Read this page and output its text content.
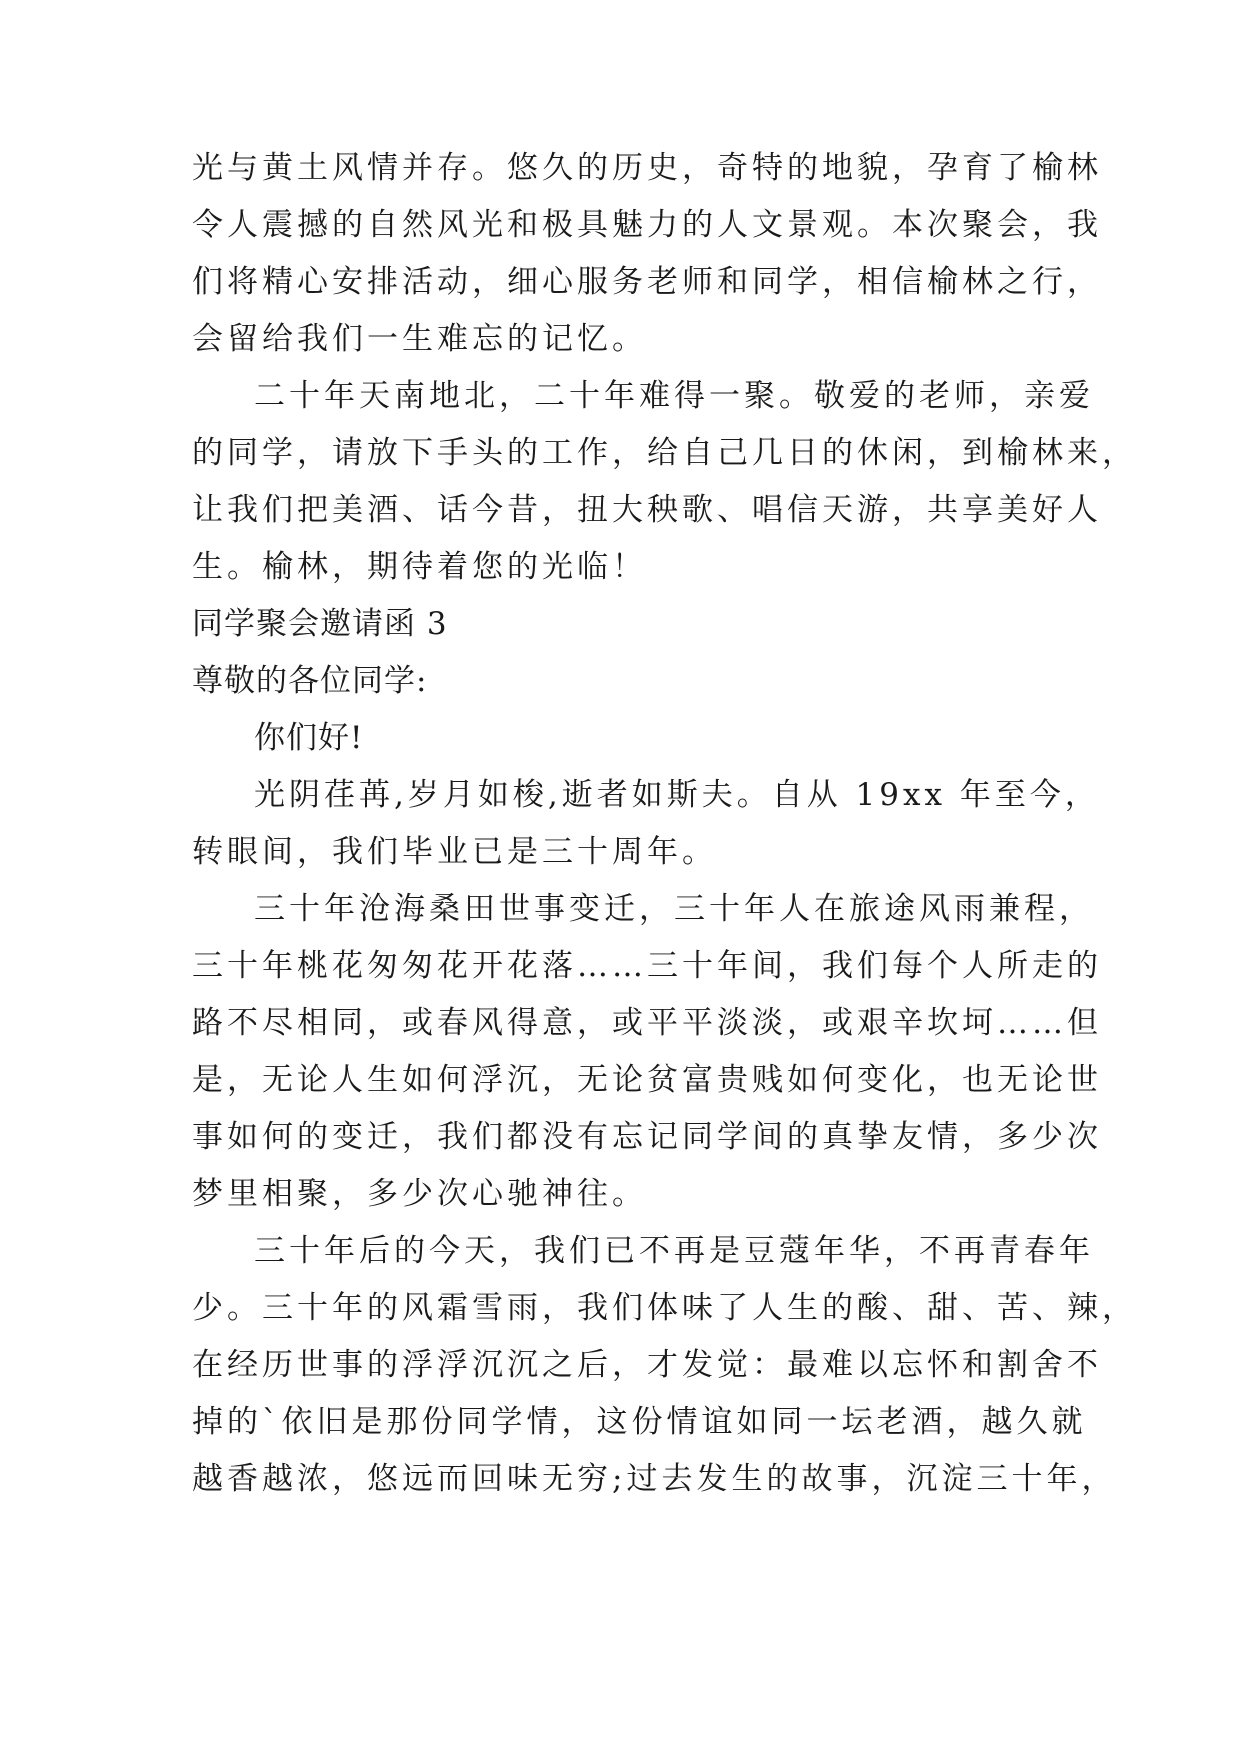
光与黄土风情并存。悠久的历史，奇特的地貌，孕育了榆林
令人震撼的自然风光和极具魅力的人文景观。本次聚会，我
们将精心安排活动，细心服务老师和同学，相信榆林之行，
会留给我们一生难忘的记忆。
二十年天南地北，二十年难得一聚。敬爱的老师，亲爱
的同学，请放下手头的工作，给自己几日的休闲，到榆林来，
让我们把美酒、话今昔，扭大秧歌、唱信天游，共享美好人
生。榆林，期待着您的光临！
同学聚会邀请函 3
尊敬的各位同学:
你们好!
光阴荏苒,岁月如梭,逝者如斯夫。自从 19xx 年至今，
转眼间，我们毕业已是三十周年。
三十年沧海桑田世事变迁，三十年人在旅途风雨兼程，
三十年桃花匆匆花开花落……三十年间，我们每个人所走的
路不尽相同，或春风得意，或平平淡淡，或艰辛坎坷……但
是，无论人生如何浮沉，无论贫富贵贱如何变化，也无论世
事如何的变迁，我们都没有忘记同学间的真挚友情，多少次
梦里相聚，多少次心驰神往。
三十年后的今天，我们已不再是豆蔻年华，不再青春年
少。三十年的风霜雪雨，我们体味了人生的酸、甜、苦、辣，
在经历世事的浮浮沉沉之后，才发觉：最难以忘怀和割舍不
掉的`依旧是那份同学情，这份情谊如同一坛老酒，越久就
越香越浓，悠远而回味无穷;过去发生的故事，沉淀三十年，
